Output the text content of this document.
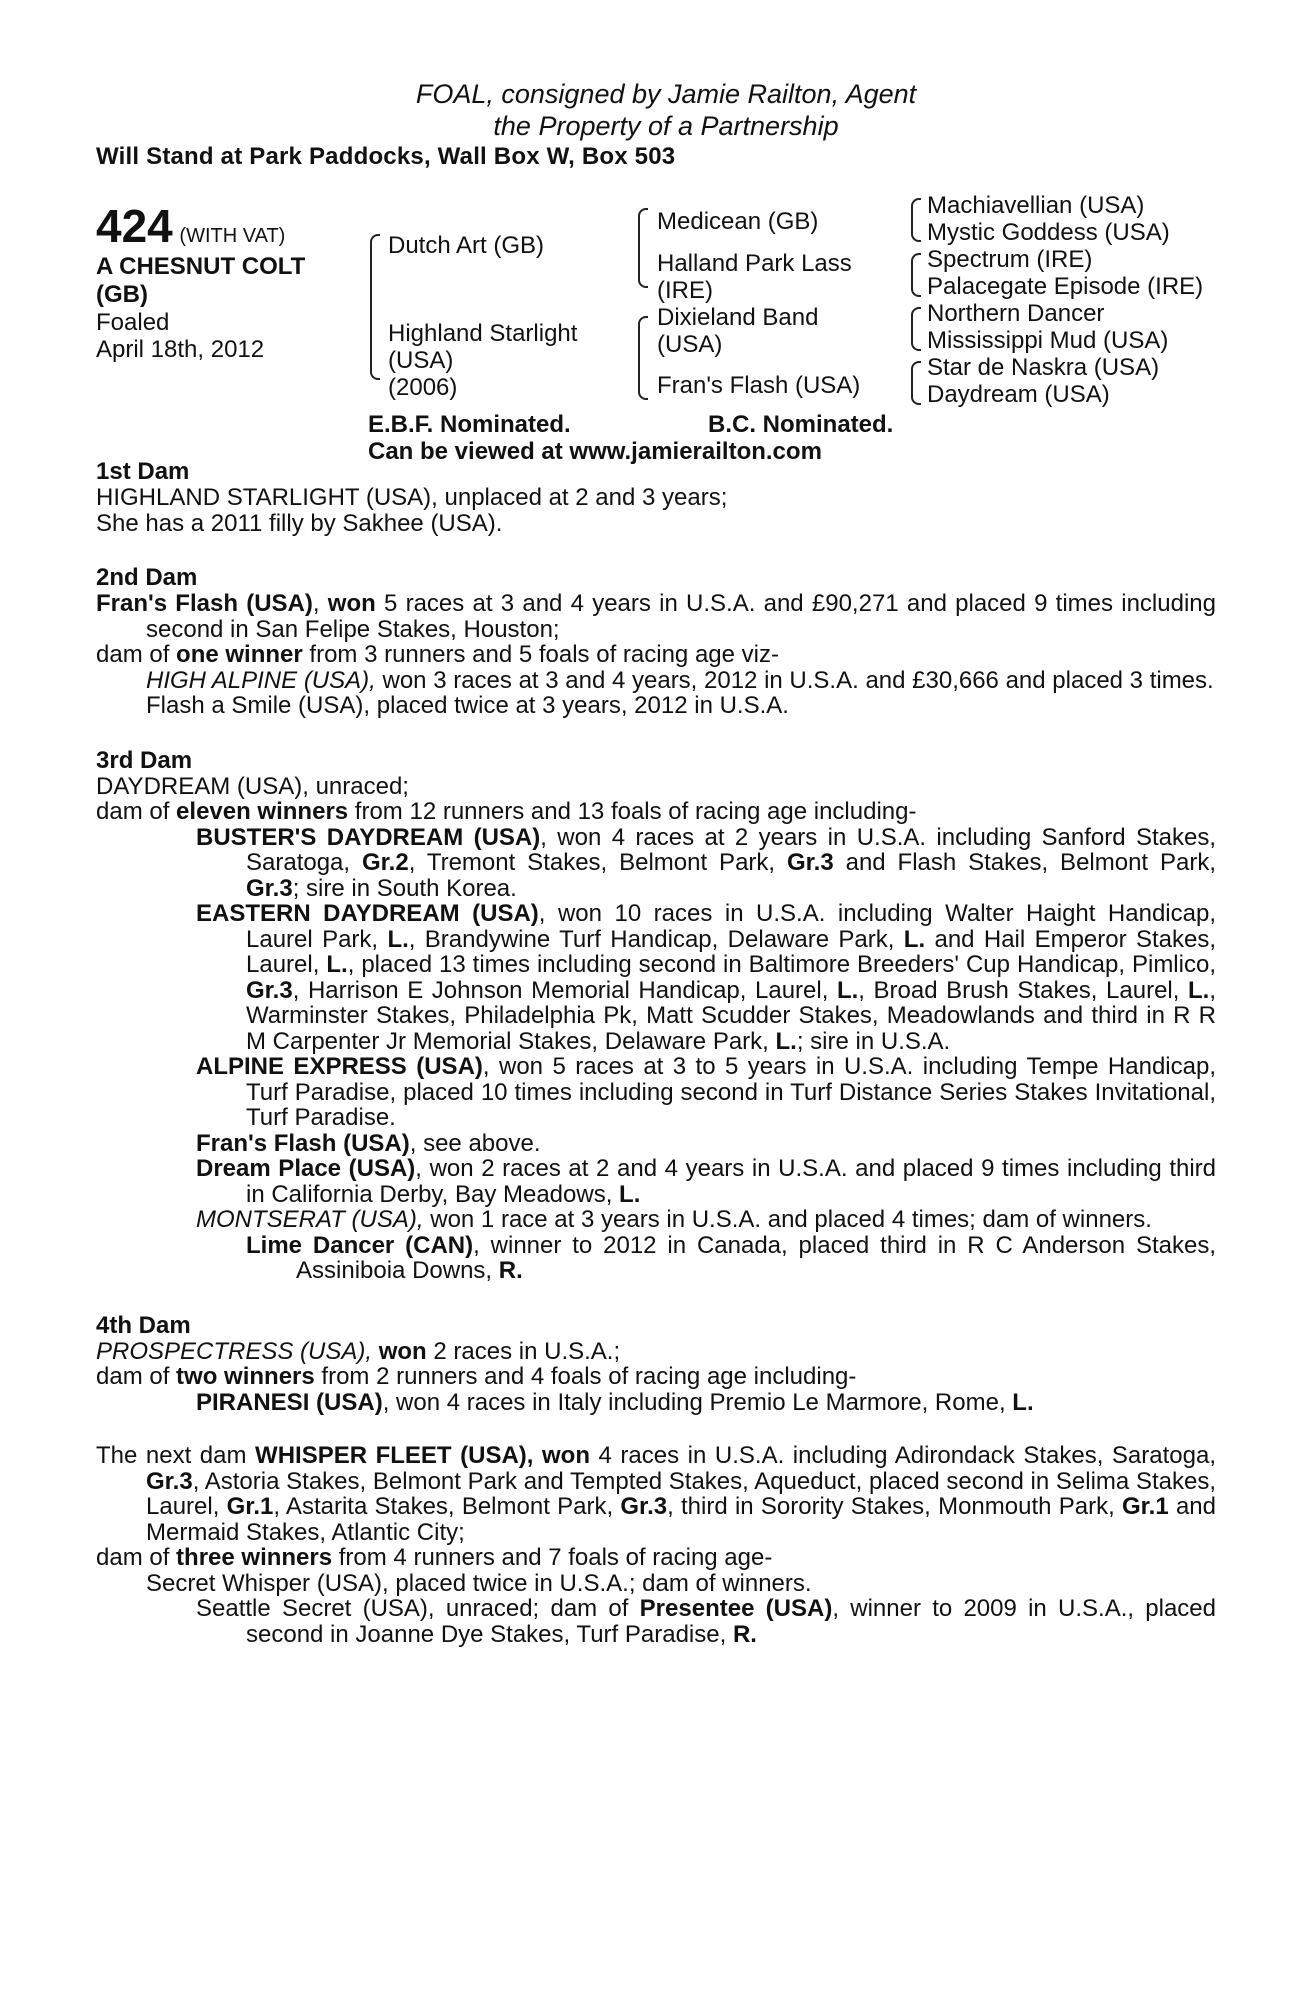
FOAL, consigned by Jamie Railton, Agent
the Property of a Partnership
Will Stand at Park Paddocks, Wall Box W, Box 503
424 (WITH VAT)
A CHESNUT COLT
(GB)
Foaled
April 18th, 2012
Dutch Art (GB)
Highland Starlight
(USA)
(2006)
Medicean (GB)
Halland Park Lass
(IRE)
Dixieland Band
(USA)
Fran's Flash (USA)
Machiavellian (USA)
Mystic Goddess (USA)
Spectrum (IRE)
Palacegate Episode (IRE)
Northern Dancer
Mississippi Mud (USA)
Star de Naskra (USA)
Daydream (USA)
E.B.F. Nominated.	B.C. Nominated.
Can be viewed at www.jamierailton.com
1st Dam

HIGHLAND STARLIGHT (USA), unplaced at 2 and 3 years;

She has a 2011 filly by Sakhee (USA).

2nd Dam

Fran's Flash (USA), won 5 races at 3 and 4 years in U.S.A. and £90,271 and placed 9 times including second in San Felipe Stakes, Houston;

dam of one winner from 3 runners and 5 foals of racing age viz-

HIGH ALPINE (USA), won 3 races at 3 and 4 years, 2012 in U.S.A. and £30,666 and placed 3 times.

Flash a Smile (USA), placed twice at 3 years, 2012 in U.S.A.

3rd Dam

DAYDREAM (USA), unraced;

dam of eleven winners from 12 runners and 13 foals of racing age including-

BUSTER'S DAYDREAM (USA), won 4 races at 2 years in U.S.A. including Sanford Stakes, Saratoga, Gr.2, Tremont Stakes, Belmont Park, Gr.3 and Flash Stakes, Belmont Park, Gr.3; sire in South Korea.

EASTERN DAYDREAM (USA), won 10 races in U.S.A. including Walter Haight Handicap, Laurel Park, L., Brandywine Turf Handicap, Delaware Park, L. and Hail Emperor Stakes, Laurel, L., placed 13 times including second in Baltimore Breeders' Cup Handicap, Pimlico, Gr.3, Harrison E Johnson Memorial Handicap, Laurel, L., Broad Brush Stakes, Laurel, L., Warminster Stakes, Philadelphia Pk, Matt Scudder Stakes, Meadowlands and third in R R M Carpenter Jr Memorial Stakes, Delaware Park, L.; sire in U.S.A.

ALPINE EXPRESS (USA), won 5 races at 3 to 5 years in U.S.A. including Tempe Handicap, Turf Paradise, placed 10 times including second in Turf Distance Series Stakes Invitational, Turf Paradise.

Fran's Flash (USA), see above.

Dream Place (USA), won 2 races at 2 and 4 years in U.S.A. and placed 9 times including third in California Derby, Bay Meadows, L.

MONTSERAT (USA), won 1 race at 3 years in U.S.A. and placed 4 times; dam of winners.

Lime Dancer (CAN), winner to 2012 in Canada, placed third in R C Anderson Stakes, Assiniboia Downs, R.

4th Dam

PROSPECTRESS (USA), won 2 races in U.S.A.;

dam of two winners from 2 runners and 4 foals of racing age including-

PIRANESI (USA), won 4 races in Italy including Premio Le Marmore, Rome, L.

The next dam WHISPER FLEET (USA), won 4 races in U.S.A. including Adirondack Stakes, Saratoga, Gr.3, Astoria Stakes, Belmont Park and Tempted Stakes, Aqueduct, placed second in Selima Stakes, Laurel, Gr.1, Astarita Stakes, Belmont Park, Gr.3, third in Sorority Stakes, Monmouth Park, Gr.1 and Mermaid Stakes, Atlantic City;

dam of three winners from 4 runners and 7 foals of racing age-

Secret Whisper (USA), placed twice in U.S.A.; dam of winners.

Seattle Secret (USA), unraced; dam of Presentee (USA), winner to 2009 in U.S.A., placed second in Joanne Dye Stakes, Turf Paradise, R.
